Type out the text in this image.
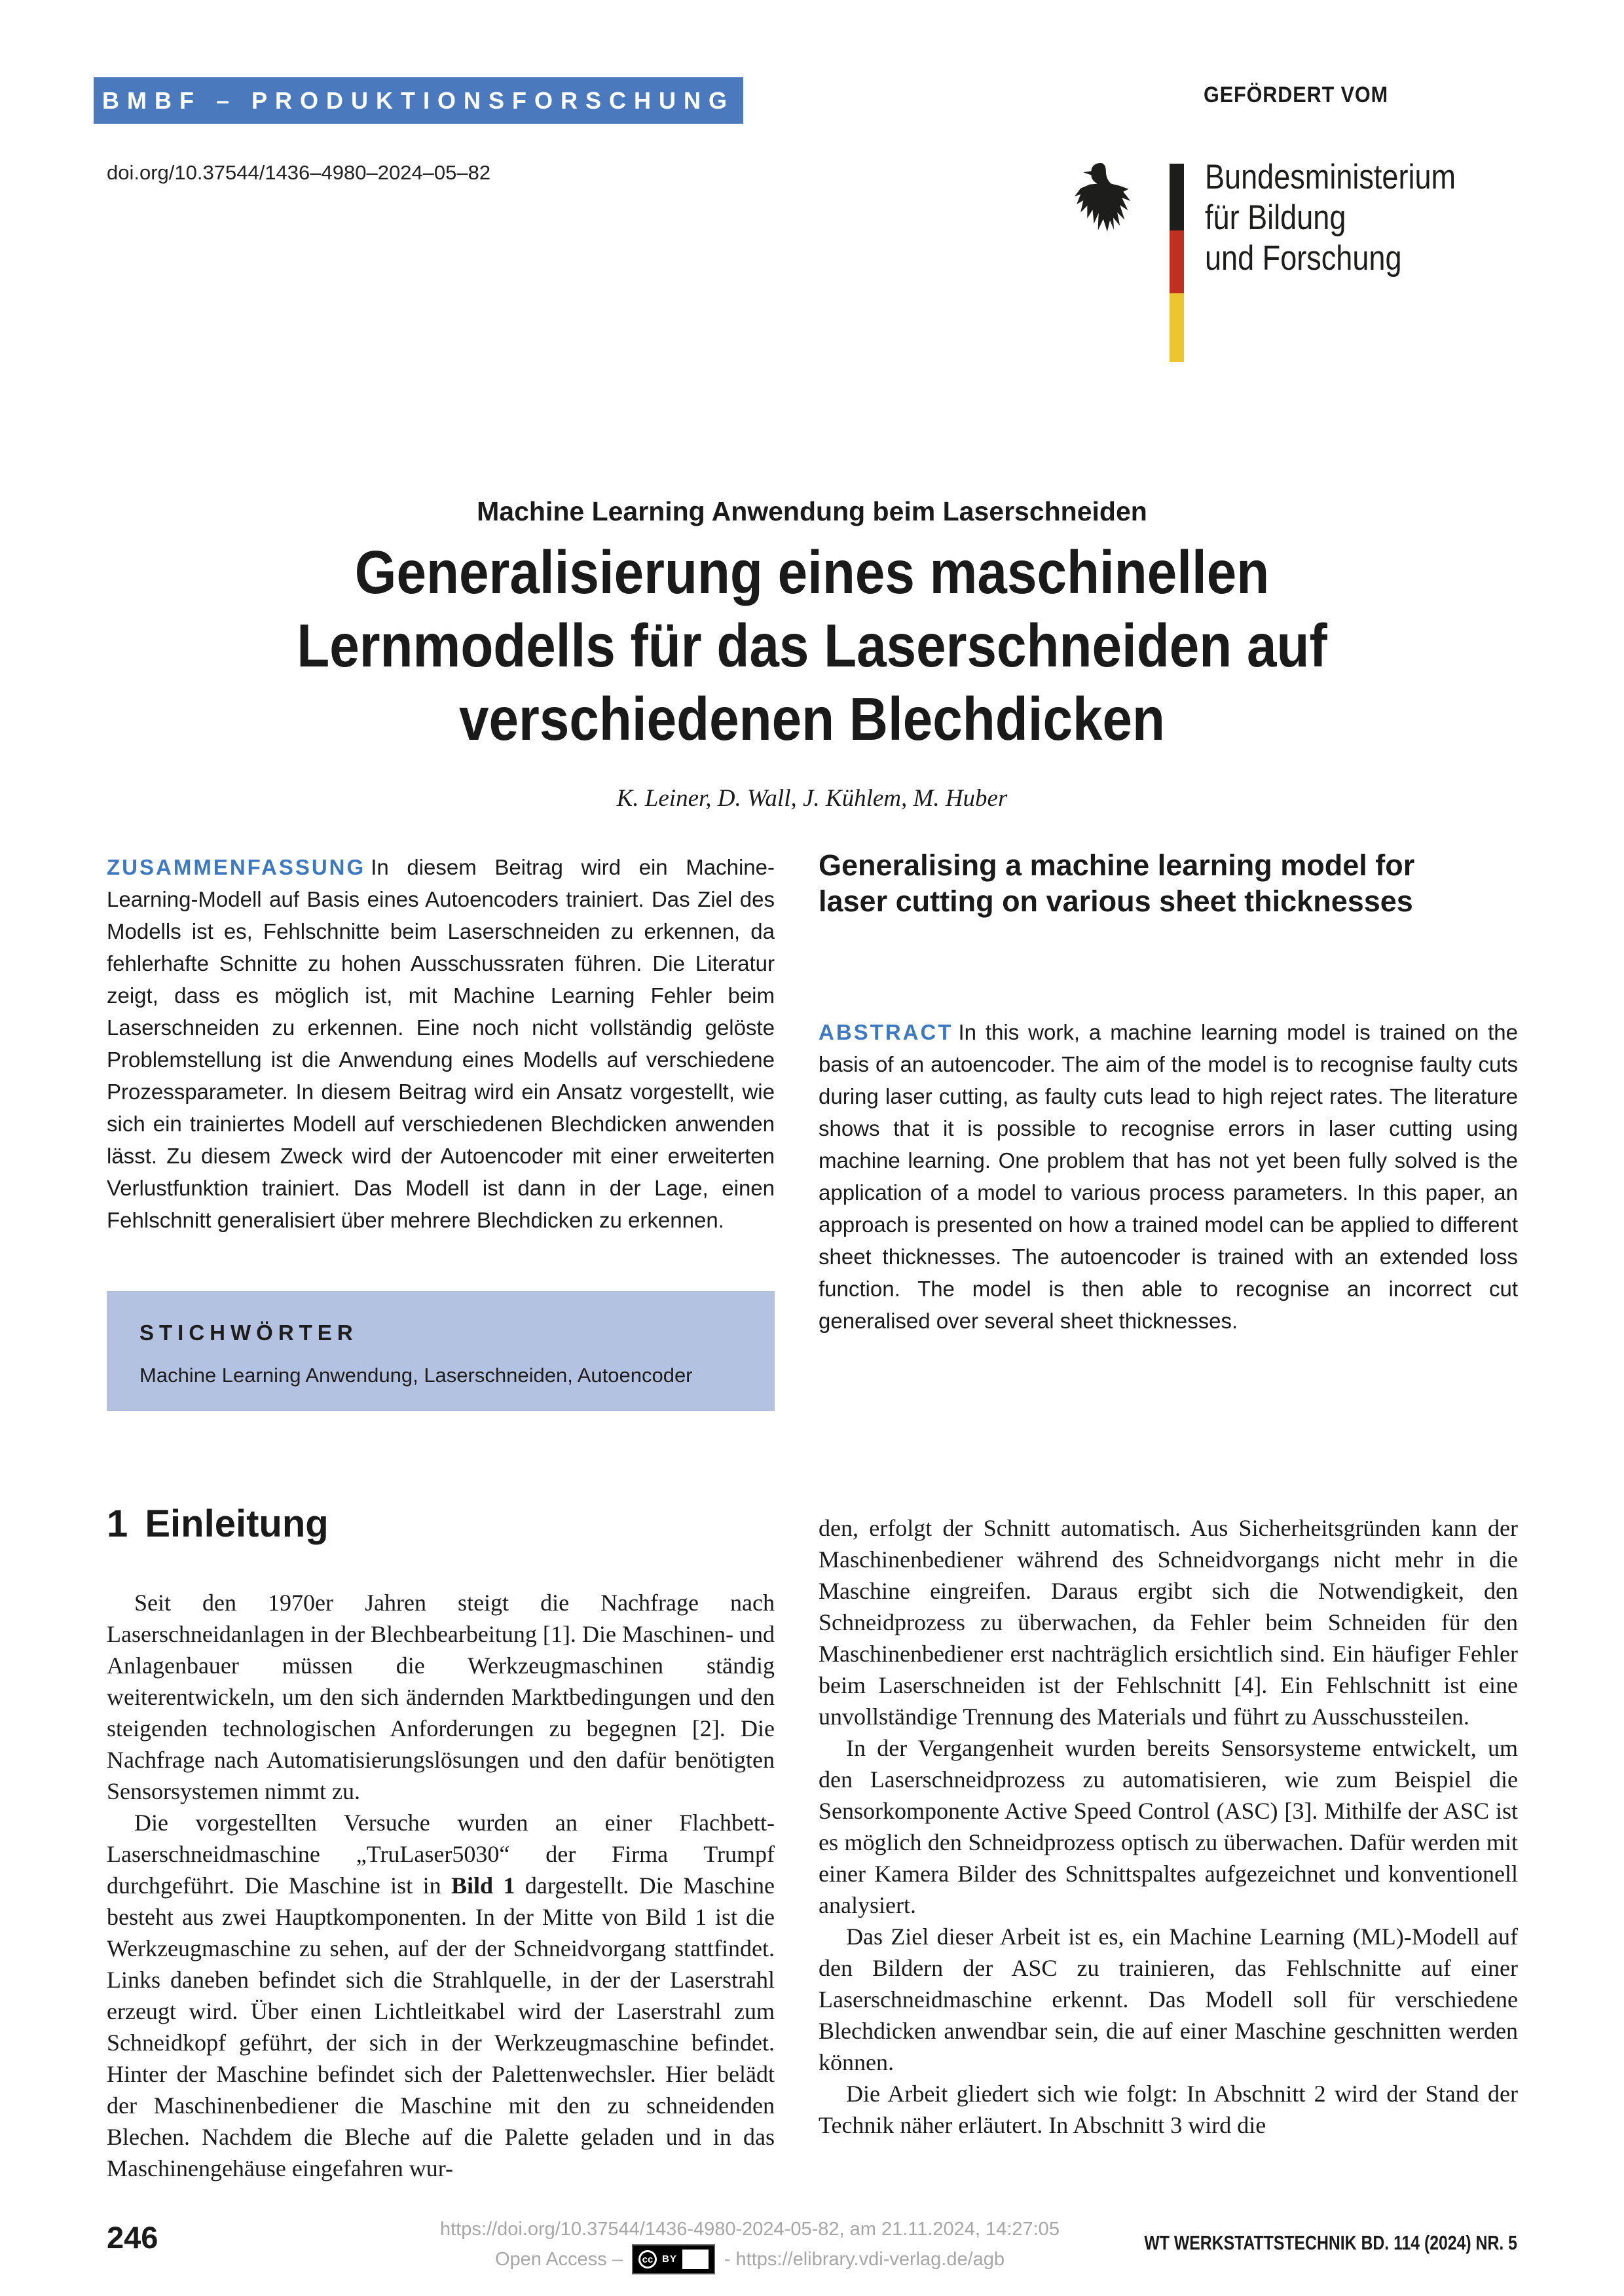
BMBF – PRODUKTIONSFORSCHUNG
doi.org/10.37544/1436–4980–2024–05–82
GEFÖRDERT VOM
Bundesministerium
für Bildung
und Forschung
Machine Learning Anwendung beim Laserschneiden
Generalisierung eines maschinellen
Lernmodells für das Laserschneiden auf
verschiedenen Blechdicken
K. Leiner, D. Wall, J. Kühlem, M. Huber

ZUSAMMENFASSUNG In diesem Beitrag wird ein Machine-Learning-Modell auf Basis eines Autoencoders trainiert. Das Ziel des Modells ist es, Fehlschnitte beim Laserschneiden zu erkennen, da fehlerhafte Schnitte zu hohen Ausschussraten führen. Die Literatur zeigt, dass es möglich ist, mit Machine Learning Fehler beim Laserschneiden zu erkennen. Eine noch nicht vollständig gelöste Problemstellung ist die Anwendung eines Modells auf verschiedene Prozessparameter. In diesem Beitrag wird ein Ansatz vorgestellt, wie sich ein trainiertes Modell auf verschiedenen Blechdicken anwenden lässt. Zu diesem Zweck wird der Autoencoder mit einer erweiterten Verlustfunktion trainiert. Das Modell ist dann in der Lage, einen Fehlschnitt generalisiert über mehrere Blechdicken zu erkennen.

Generalising a machine learning model for
laser cutting on various sheet thicknesses

ABSTRACT In this work, a machine learning model is trained on the basis of an autoencoder. The aim of the model is to recognise faulty cuts during laser cutting, as faulty cuts lead to high reject rates. The literature shows that it is possible to recognise errors in laser cutting using machine learning. One problem that has not yet been fully solved is the application of a model to various process parameters. In this paper, an approach is presented on how a trained model can be applied to different sheet thicknesses. The autoencoder is trained with an extended loss function. The model is then able to recognise an incorrect cut generalised over several sheet thicknesses.

STICHWÖRTER
Machine Learning Anwendung, Laserschneiden, Autoencoder
1 Einleitung

Seit den 1970er Jahren steigt die Nachfrage nach Laserschneidanlagen in der Blechbearbeitung [1]. Die Maschinen- und Anlagenbauer müssen die Werkzeugmaschinen ständig weiterentwickeln, um den sich ändernden Marktbedingungen und den steigenden technologischen Anforderungen zu begegnen [2]. Die Nachfrage nach Automatisierungslösungen und den dafür benötigten Sensorsystemen nimmt zu.

Die vorgestellten Versuche wurden an einer Flachbett-Laserschneidmaschine „TruLaser5030“ der Firma Trumpf durchgeführt. Die Maschine ist in Bild 1 dargestellt. Die Maschine besteht aus zwei Hauptkomponenten. In der Mitte von Bild 1 ist die Werkzeugmaschine zu sehen, auf der der Schneidvorgang stattfindet. Links daneben befindet sich die Strahlquelle, in der der Laserstrahl erzeugt wird. Über einen Lichtleitkabel wird der Laserstrahl zum Schneidkopf geführt, der sich in der Werkzeugmaschine befindet. Hinter der Maschine befindet sich der Palettenwechsler. Hier belädt der Maschinenbediener die Maschine mit den zu schneidenden Blechen. Nachdem die Bleche auf die Palette geladen und in das Maschinengehäuse eingefahren wur-

den, erfolgt der Schnitt automatisch. Aus Sicherheitsgründen kann der Maschinenbediener während des Schneidvorgangs nicht mehr in die Maschine eingreifen. Daraus ergibt sich die Notwendigkeit, den Schneidprozess zu überwachen, da Fehler beim Schneiden für den Maschinenbediener erst nachträglich ersichtlich sind. Ein häufiger Fehler beim Laserschneiden ist der Fehlschnitt [4]. Ein Fehlschnitt ist eine unvollständige Trennung des Materials und führt zu Ausschussteilen.

In der Vergangenheit wurden bereits Sensorsysteme entwickelt, um den Laserschneidprozess zu automatisieren, wie zum Beispiel die Sensorkomponente Active Speed Control (ASC) [3]. Mithilfe der ASC ist es möglich den Schneidprozess optisch zu überwachen. Dafür werden mit einer Kamera Bilder des Schnittspaltes aufgezeichnet und konventionell analysiert.

Das Ziel dieser Arbeit ist es, ein Machine Learning (ML)-Modell auf den Bildern der ASC zu trainieren, das Fehlschnitte auf einer Laserschneidmaschine erkennt. Das Modell soll für verschiedene Blechdicken anwendbar sein, die auf einer Maschine geschnitten werden können.

Die Arbeit gliedert sich wie folgt: In Abschnitt 2 wird der Stand der Technik näher erläutert. In Abschnitt 3 wird die

246	https://doi.org/10.37544/1436-4980-2024-05-82, am 21.11.2024, 14:27:05
Open Access –	cc BY - https://elibrary.vdi-verlag.de/agb
WT WERKSTATTSTECHNIK BD. 114 (2024) NR. 5
